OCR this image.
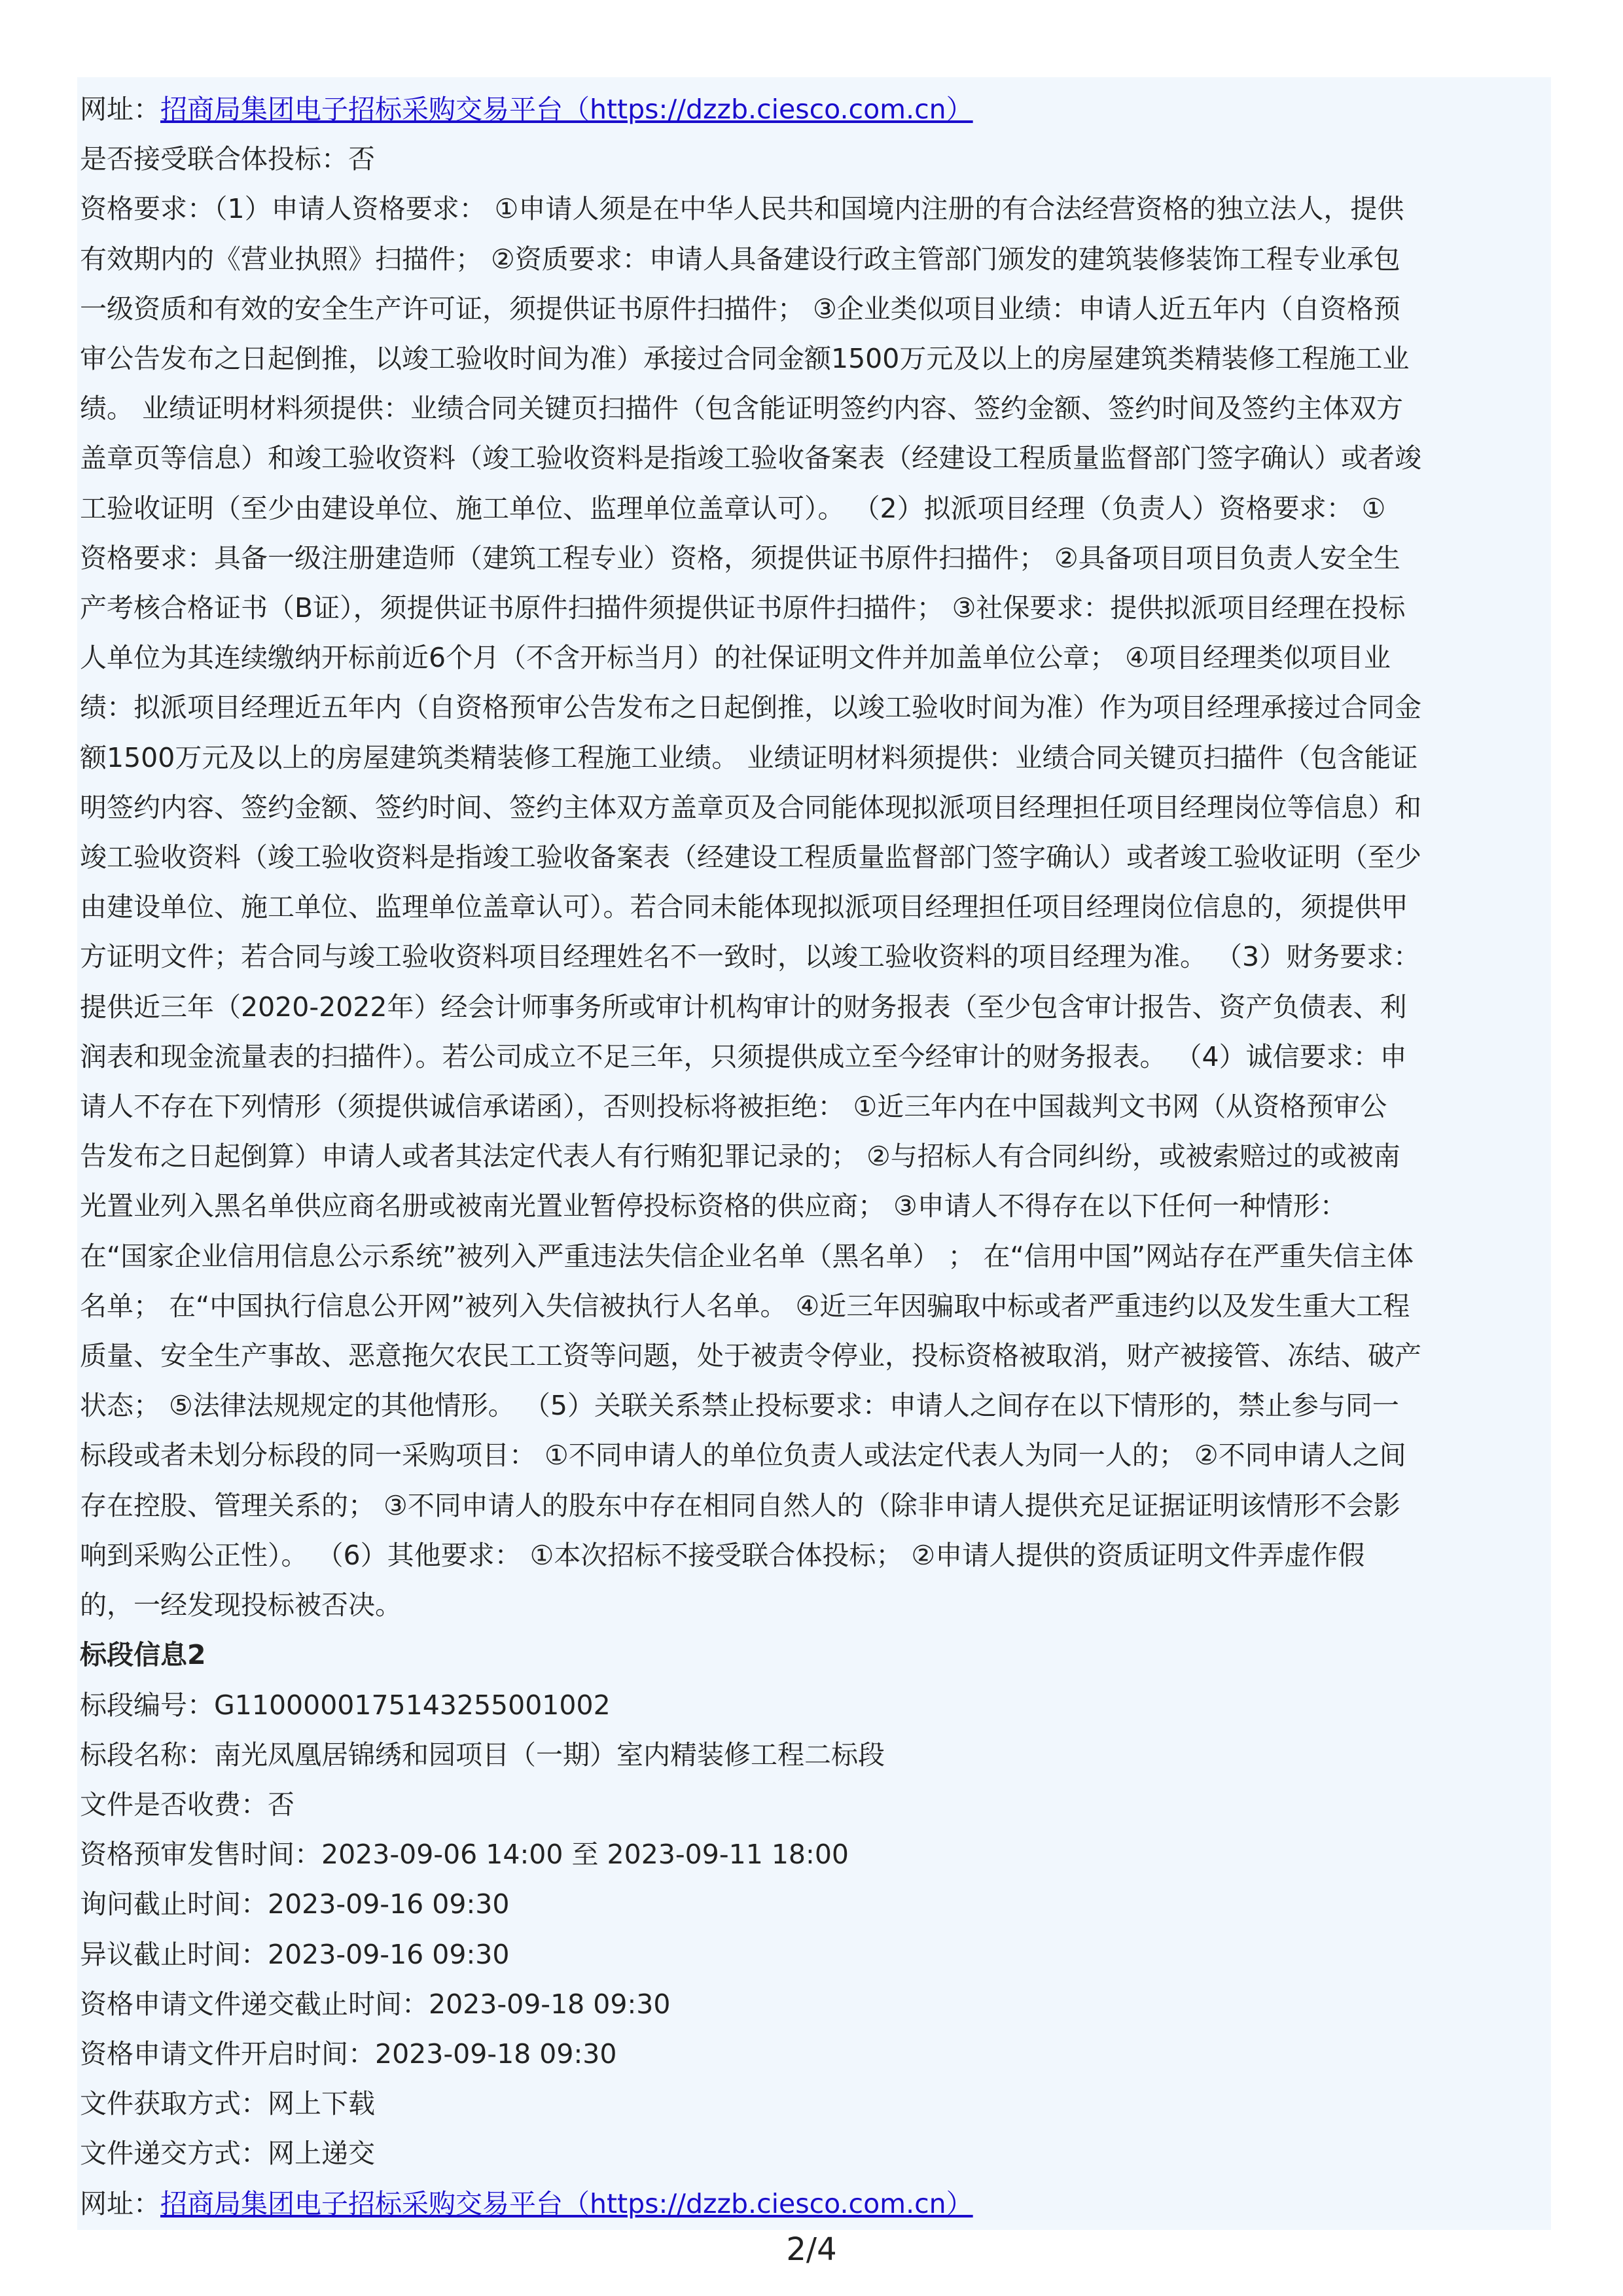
网址：招商局集团电子招标采购交易平台（https://dzzb.ciesco.com.cn）
是否接受联合体投标：否
资格要求：（1）申请人资格要求： ①申请人须是在中华人民共和国境内注册的有合法经营资格的独立法人，提供
有效期内的《营业执照》扫描件； ②资质要求：申请人具备建设行政主管部门颁发的建筑装修装饰工程专业承包
一级资质和有效的安全生产许可证，须提供证书原件扫描件； ③企业类似项目业绩：申请人近五年内（自资格预
审公告发布之日起倒推，以竣工验收时间为准）承接过合同金额1500万元及以上的房屋建筑类精装修工程施工业
绩。 业绩证明材料须提供：业绩合同关键页扫描件（包含能证明签约内容、签约金额、签约时间及签约主体双方
盖章页等信息）和竣工验收资料（竣工验收资料是指竣工验收备案表（经建设工程质量监督部门签字确认）或者竣
工验收证明（至少由建设单位、施工单位、监理单位盖章认可）。 （2）拟派项目经理（负责人）资格要求： ①
资格要求：具备一级注册建造师（建筑工程专业）资格，须提供证书原件扫描件； ②具备项目项目负责人安全生
产考核合格证书（B证），须提供证书原件扫描件须提供证书原件扫描件； ③社保要求：提供拟派项目经理在投标
人单位为其连续缴纳开标前近6个月（不含开标当月）的社保证明文件并加盖单位公章； ④项目经理类似项目业
绩：拟派项目经理近五年内（自资格预审公告发布之日起倒推，以竣工验收时间为准）作为项目经理承接过合同金
额1500万元及以上的房屋建筑类精装修工程施工业绩。 业绩证明材料须提供：业绩合同关键页扫描件（包含能证
明签约内容、签约金额、签约时间、签约主体双方盖章页及合同能体现拟派项目经理担任项目经理岗位等信息）和
竣工验收资料（竣工验收资料是指竣工验收备案表（经建设工程质量监督部门签字确认）或者竣工验收证明（至少
由建设单位、施工单位、监理单位盖章认可）。若合同未能体现拟派项目经理担任项目经理岗位信息的，须提供甲
方证明文件；若合同与竣工验收资料项目经理姓名不一致时，以竣工验收资料的项目经理为准。 （3）财务要求：
提供近三年（2020-2022年）经会计师事务所或审计机构审计的财务报表（至少包含审计报告、资产负债表、利
润表和现金流量表的扫描件）。若公司成立不足三年，只须提供成立至今经审计的财务报表。 （4）诚信要求：申
请人不存在下列情形（须提供诚信承诺函），否则投标将被拒绝： ①近三年内在中国裁判文书网（从资格预审公
告发布之日起倒算）申请人或者其法定代表人有行贿犯罪记录的； ②与招标人有合同纠纷，或被索赔过的或被南
光置业列入黑名单供应商名册或被南光置业暂停投标资格的供应商； ③申请人不得存在以下任何一种情形：
在“国家企业信用信息公示系统”被列入严重违法失信企业名单（黑名单） ； 在“信用中国”网站存在严重失信主体
名单； 在“中国执行信息公开网”被列入失信被执行人名单。 ④近三年因骗取中标或者严重违约以及发生重大工程
质量、安全生产事故、恶意拖欠农民工工资等问题，处于被责令停业，投标资格被取消，财产被接管、冻结、破产
状态； ⑤法律法规规定的其他情形。 （5）关联关系禁止投标要求：申请人之间存在以下情形的，禁止参与同一
标段或者未划分标段的同一采购项目： ①不同申请人的单位负责人或法定代表人为同一人的； ②不同申请人之间
存在控股、管理关系的； ③不同申请人的股东中存在相同自然人的（除非申请人提供充足证据证明该情形不会影
响到采购公正性）。 （6）其他要求： ①本次招标不接受联合体投标； ②申请人提供的资质证明文件弄虚作假
的，一经发现投标被否决。
标段信息2
标段编号：G1100000175143255001002
标段名称：南光凤凰居锦绣和园项目（一期）室内精装修工程二标段
文件是否收费：否
资格预审发售时间：2023-09-06 14:00 至 2023-09-11 18:00
询问截止时间：2023-09-16 09:30
异议截止时间：2023-09-16 09:30
资格申请文件递交截止时间：2023-09-18 09:30
资格申请文件开启时间：2023-09-18 09:30
文件获取方式：网上下载
文件递交方式：网上递交
网址：招商局集团电子招标采购交易平台（https://dzzb.ciesco.com.cn）
2/4
